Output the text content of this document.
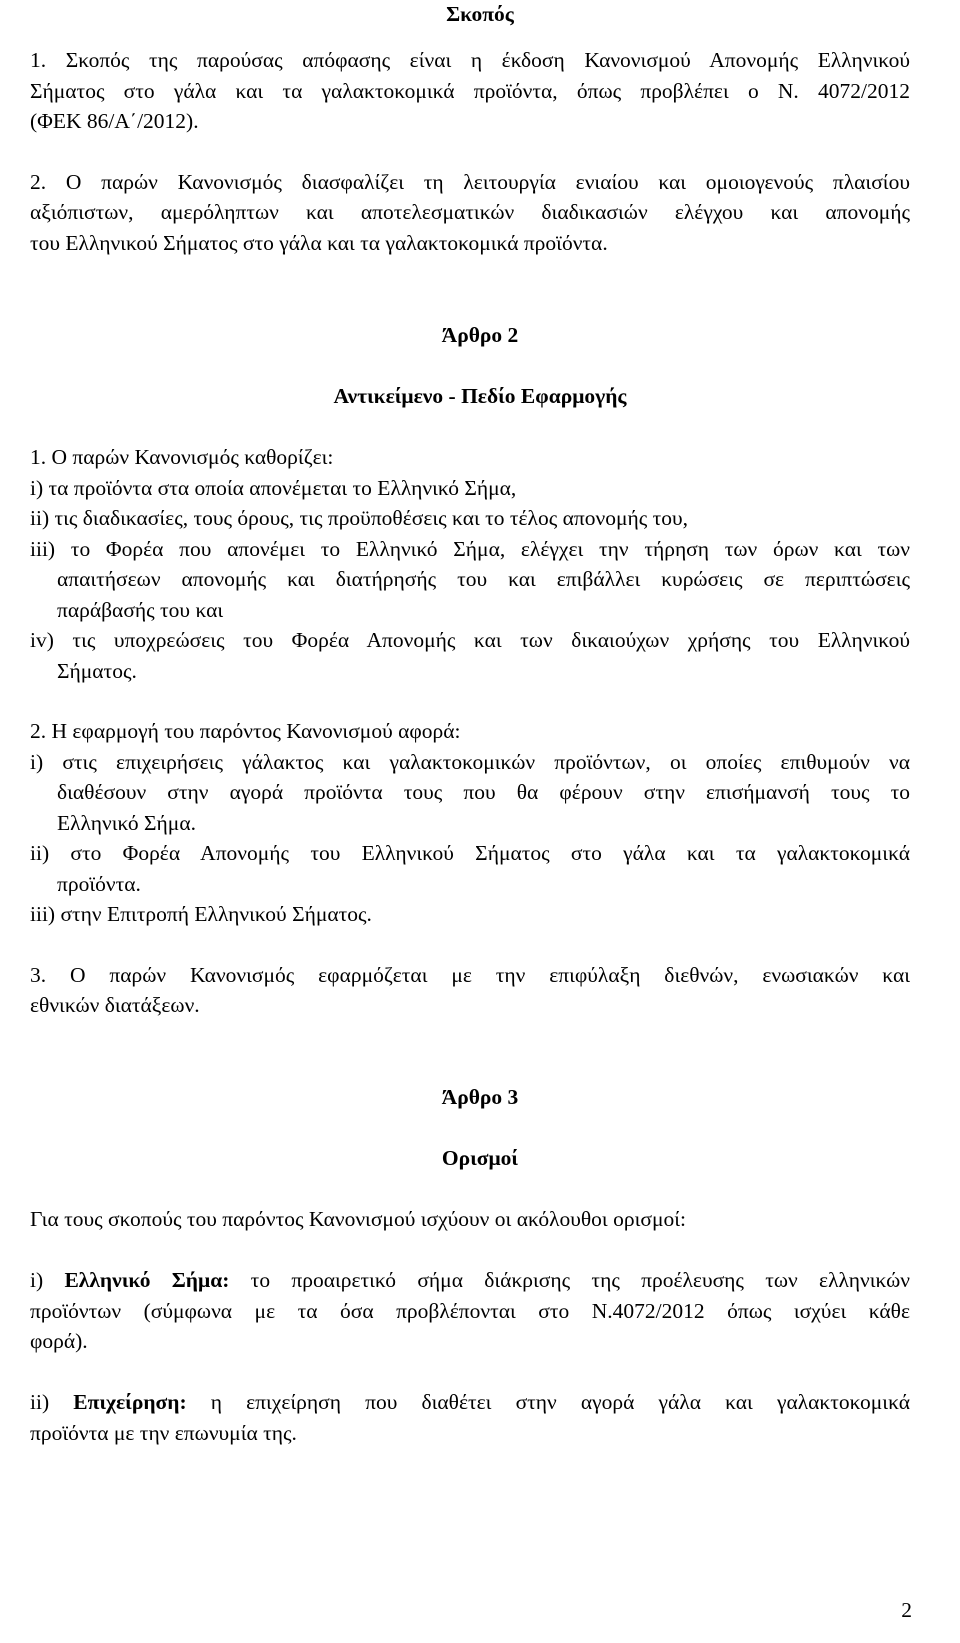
Σκοπός
1. Σκοπός της παρούσας απόφασης είναι η έκδοση Κανονισμού Απονομής Ελληνικού
Σήματος στο γάλα και τα γαλακτοκομικά προϊόντα, όπως προβλέπει ο Ν. 4072/2012
(ΦΕΚ 86/Α΄/2012).
2. Ο παρών Κανονισμός διασφαλίζει τη λειτουργία ενιαίου και ομοιογενούς πλαισίου
αξιόπιστων, αμερόληπτων και αποτελεσματικών διαδικασιών ελέγχου και απονομής
του Ελληνικού Σήματος στο γάλα και τα γαλακτοκομικά προϊόντα.
Άρθρο 2
Αντικείμενο - Πεδίο Εφαρμογής
1. Ο παρών Κανονισμός καθορίζει:
i) τα προϊόντα στα οποία απονέμεται το Ελληνικό Σήμα,
ii) τις διαδικασίες, τους όρους, τις προϋποθέσεις και το τέλος απονομής του,
iii) το Φορέα που απονέμει το Ελληνικό Σήμα, ελέγχει την τήρηση των όρων και των
απαιτήσεων απονομής και διατήρησής του και επιβάλλει κυρώσεις σε περιπτώσεις
παράβασής του και
iv) τις υποχρεώσεις του Φορέα Απονομής και των δικαιούχων χρήσης του Ελληνικού
Σήματος.
2. Η εφαρμογή του παρόντος Κανονισμού αφορά:
i) στις επιχειρήσεις γάλακτος και γαλακτοκομικών προϊόντων, οι οποίες επιθυμούν να
διαθέσουν στην αγορά προϊόντα τους που θα φέρουν στην επισήμανσή τους το
Ελληνικό Σήμα.
ii) στο Φορέα Απονομής του Ελληνικού Σήματος στο γάλα και τα γαλακτοκομικά
προϊόντα.
iii) στην Επιτροπή Ελληνικού Σήματος.
3. Ο παρών Κανονισμός εφαρμόζεται με την επιφύλαξη διεθνών, ενωσιακών και
εθνικών διατάξεων.
Άρθρο 3
Ορισμοί
Για τους σκοπούς του παρόντος Κανονισμού ισχύουν οι ακόλουθοι ορισμοί:
i) Ελληνικό Σήμα: το προαιρετικό σήμα διάκρισης της προέλευσης των ελληνικών
προϊόντων (σύμφωνα με τα όσα προβλέπονται στο Ν.4072/2012 όπως ισχύει κάθε
φορά).
ii) Επιχείρηση: η επιχείρηση που διαθέτει στην αγορά γάλα και γαλακτοκομικά
προϊόντα με την επωνυμία της.
2
